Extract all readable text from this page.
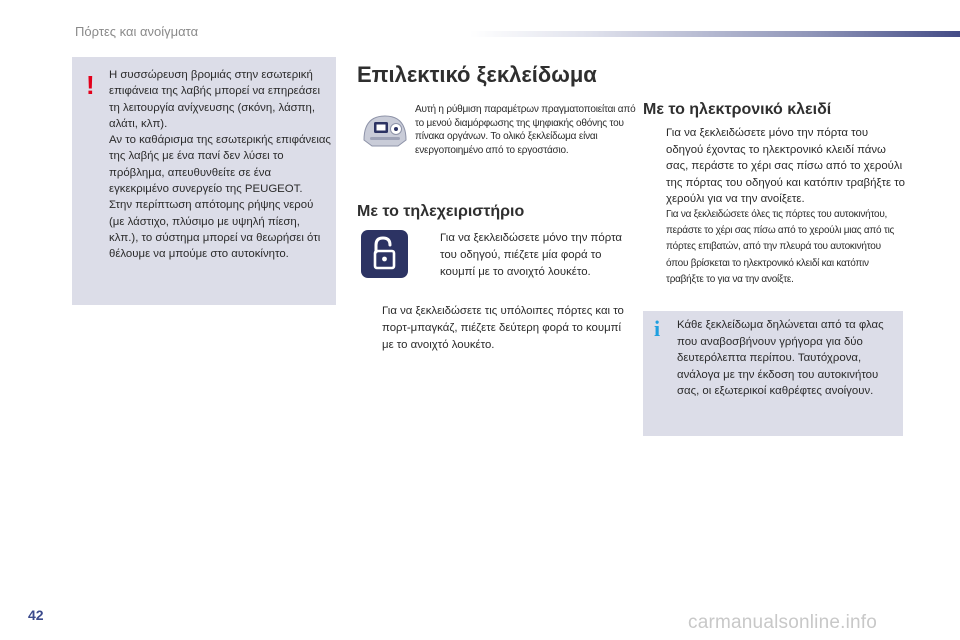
Πόρτες και ανοίγματα
! Η συσσώρευση βρομιάς στην εσωτερική επιφάνεια της λαβής μπορεί να επηρεάσει τη λειτουργία ανίχνευσης (σκόνη, λάσπη, αλάτι, κλπ).

Αν το καθάρισμα της εσωτερικής επιφάνειας της λαβής με ένα πανί δεν λύσει το πρόβλημα, απευθυνθείτε σε ένα εγκεκριμένο συνεργείο της PEUGEOT.

Στην περίπτωση απότομης ρήψης νερού (με λάστιχο, πλύσιμο με υψηλή πίεση, κλπ.), το σύστημα μπορεί να θεωρήσει ότι θέλουμε να μπούμε στο αυτοκίνητο.

Επιλεκτικό ξεκλείδωμα
Αυτή η ρύθμιση παραμέτρων πραγματοποιείται από το μενού διαμόρφωσης της ψηφιακής οθόνης του πίνακα οργάνων. Το ολικό ξεκλείδωμα είναι ενεργοποιημένο από το εργοστάσιο.
Με το τηλεχειριστήριο
Για να ξεκλειδώσετε μόνο την πόρτα του οδηγού, πιέζετε μία φορά το κουμπί με το ανοιχτό λουκέτο.
Για να ξεκλειδώσετε τις υπόλοιπες πόρτες και το πορτ-μπαγκάζ, πιέζετε δεύτερη φορά το κουμπί με το ανοιχτό λουκέτο.
Με το ηλεκτρονικό κλειδί
Για να ξεκλειδώσετε μόνο την πόρτα του οδηγού έχοντας το ηλεκτρονικό κλειδί πάνω σας, περάστε το χέρι σας πίσω από το χερούλι της πόρτας του οδηγού και κατόπιν τραβήξτε το χερούλι για να την ανοίξετε.
Για να ξεκλειδώσετε όλες τις πόρτες του αυτοκινήτου, περάστε το χέρι σας πίσω από το χερούλι μιας από τις πόρτες επιβατών, από την πλευρά του αυτοκινήτου όπου βρίσκεται το ηλεκτρονικό κλειδί και κατόπιν τραβήξτε το για να την ανοίξτε.
i Κάθε ξεκλείδωμα δηλώνεται από τα φλας που αναβοσβήνουν γρήγορα για δύο δευτερόλεπτα περίπου. Ταυτόχρονα, ανάλογα με την έκδοση του αυτοκινήτου σας, οι εξωτερικοί καθρέφτες ανοίγουν.
42	carmanualsonline.info
